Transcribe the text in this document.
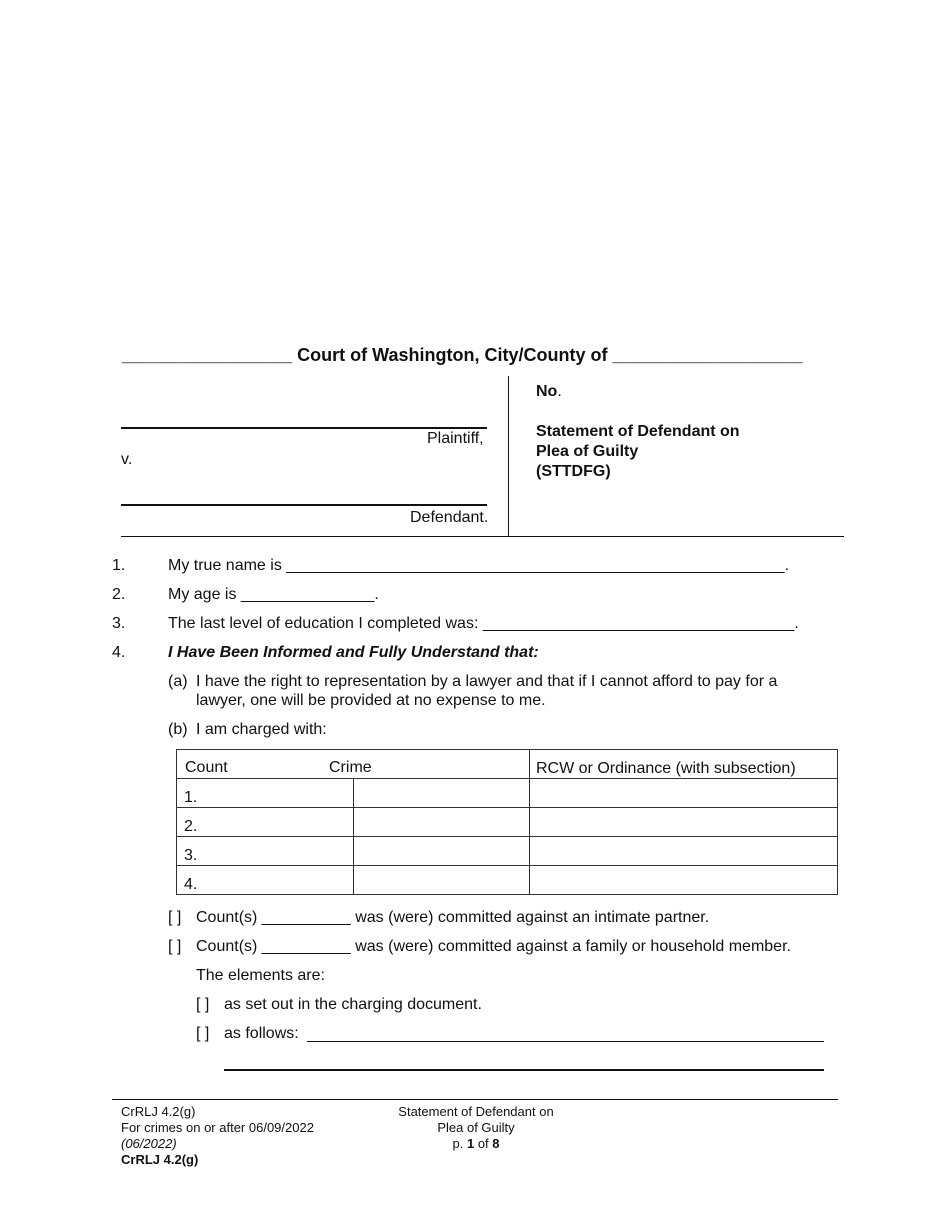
_________________ Court of Washington, City/County of ___________________
Plaintiff,
v.
Defendant.
No.
Statement of Defendant on
Plea of Guilty
(STTDFG)
1.	My true name is ________________________________________________________.
2.	My age is _______________.
3.	The last level of education I completed was: ___________________________________.
4.	I Have Been Informed and Fully Understand that:
(a) I have the right to representation by a lawyer and that if I cannot afford to pay for a
lawyer, one will be provided at no expense to me.
(b) I am charged with:
Count Crime		RCW or Ordinance (with subsection)
1.		
2.		
3.		
4.		
[ ] Count(s) __________ was (were) committed against an intimate partner.
[ ] Count(s) __________ was (were) committed against a family or household member.
The elements are:
[ ] as set out in the charging document.
[ ] as follows:
CrRLJ 4.2(g)
For crimes on or after 06/09/2022
(06/2022)
CrRLJ 4.2(g)
Statement of Defendant on
Plea of Guilty
p. 1 of 8
